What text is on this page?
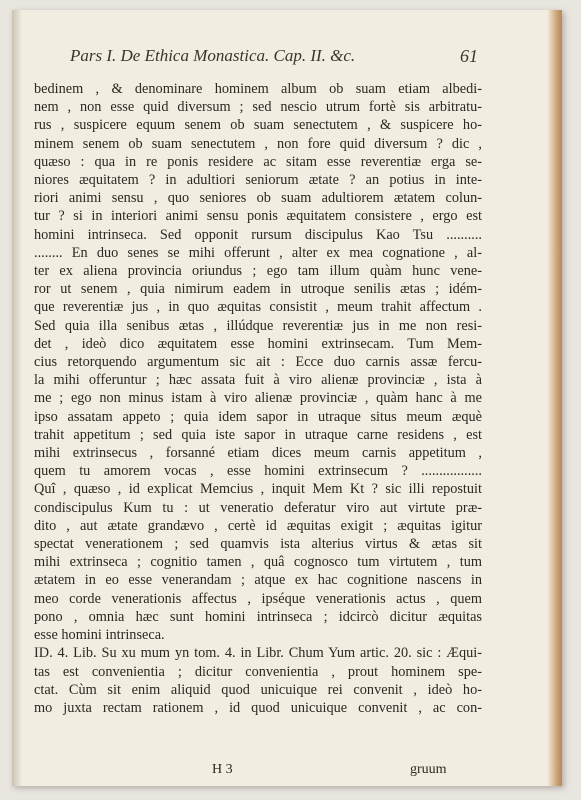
Pars I. De Ethica Monastica. Cap. II. &c.	61
bedinem , & denominare hominem album ob suam etiam albedi-
nem , non esse quid diversum ; sed nescio utrum fortè sis arbitratu-
rus , suspicere equum senem ob suam senectutem , & suspicere ho-
minem senem ob suam senectutem , non fore quid diversum ? dic ,
quæso : qua in re ponis residere ac sitam esse reverentiæ erga se-
niores æquitatem ? in adultiori seniorum ætate ? an potius in inte-
riori animi sensu , quo seniores ob suam adultiorem ætatem colun-
tur ? si in interiori animi sensu ponis æquitatem consistere , ergo est
homini intrinseca. Sed opponit rursum discipulus Kao Tsu ..........
........ En duo senes se mihi offerunt , alter ex mea cognatione , al-
ter ex aliena provincia oriundus ; ego tam illum quàm hunc vene-
ror ut senem , quia nimirum eadem in utroque senilis ætas ; idém-
que reverentiæ jus , in quo æquitas consistit , meum trahit affectum .
Sed quia illa senibus ætas , illúdque reverentiæ jus in me non resi-
det , ideò dico æquitatem esse homini extrinsecam. Tum Mem-
cius retorquendo argumentum sic ait : Ecce duo carnis assæ fercu-
la mihi offeruntur ; hæc assata fuit à viro alienæ provinciæ , ista à
me ; ego non minus istam à viro alienæ provinciæ , quàm hanc à me
ipso assatam appeto ; quia idem sapor in utraque situs meum æquè
trahit appetitum ; sed quia iste sapor in utraque carne residens , est
mihi extrinsecus , forsanné etiam dices meum carnis appetitum ,
quem tu amorem vocas , esse homini extrinsecum ? .................
Quî , quæso , id explicat Memcius , inquit Mem Kt ? sic illi repostuit
condiscipulus Kum tu : ut veneratio deferatur viro aut virtute præ-
dito , aut ætate grandævo , certè id æquitas exigit ; æquitas igitur
spectat venerationem ; sed quamvis ista alterius virtus & ætas sit
mihi extrinseca ; cognitio tamen , quâ cognosco tum virtutem , tum
ætatem in eo esse venerandam ; atque ex hac cognitione nascens in
meo corde venerationis affectus , ipséque venerationis actus , quem
pono , omnia hæc sunt homini intrinseca ; idcircò dicitur æquitas
esse homini intrinseca.
ID. 4. Lib. Su xu mum yn tom. 4. in Libr. Chum Yum artic. 20. sic : Æqui-
tas est convenientia ; dicitur convenientia , prout hominem spe-
ctat. Cùm sit enim aliquid quod unicuique rei convenit , ideò ho-
mo juxta rectam rationem , id quod unicuique convenit , ac con-
H 3	gruum
